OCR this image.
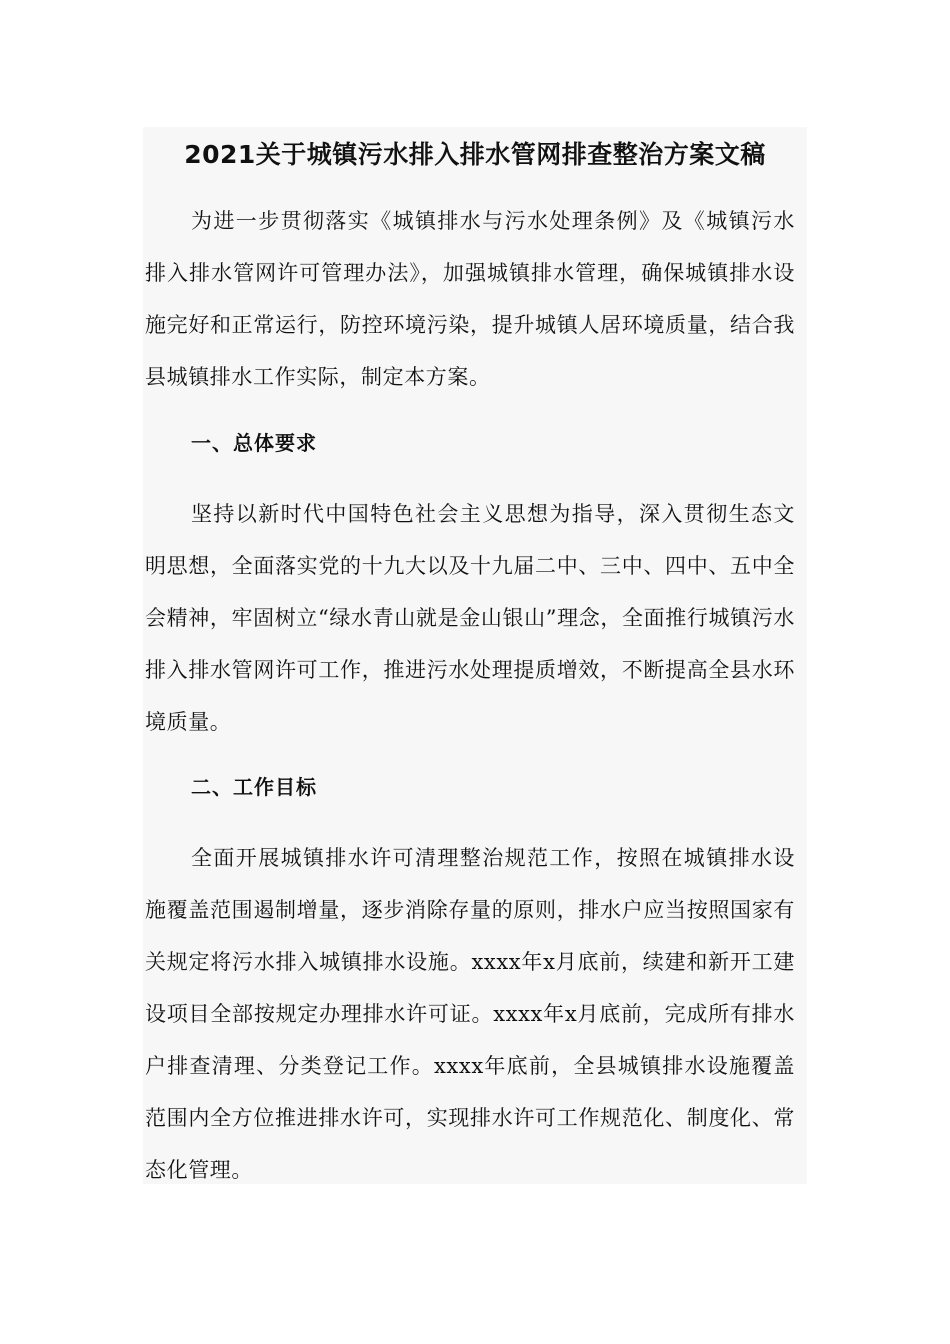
2021关于城镇污水排入排水管网排查整治方案文稿

为进一步贯彻落实《城镇排水与污水处理条例》及《城镇污水排入排水管网许可管理办法》，加强城镇排水管理，确保城镇排水设施完好和正常运行，防控环境污染，提升城镇人居环境质量，结合我县城镇排水工作实际，制定本方案。

一、总体要求

坚持以新时代中国特色社会主义思想为指导，深入贯彻生态文明思想，全面落实党的十九大以及十九届二中、三中、四中、五中全会精神，牢固树立“绿水青山就是金山银山”理念，全面推行城镇污水排入排水管网许可工作，推进污水处理提质增效，不断提高全县水环境质量。

二、工作目标

全面开展城镇排水许可清理整治规范工作，按照在城镇排水设施覆盖范围遏制增量，逐步消除存量的原则，排水户应当按照国家有关规定将污水排入城镇排水设施。xxxx年x月底前，续建和新开工建设项目全部按规定办理排水许可证。xxxx年x月底前，完成所有排水户排查清理、分类登记工作。xxxx年底前，全县城镇排水设施覆盖范围内全方位推进排水许可，实现排水许可工作规范化、制度化、常态化管理。
